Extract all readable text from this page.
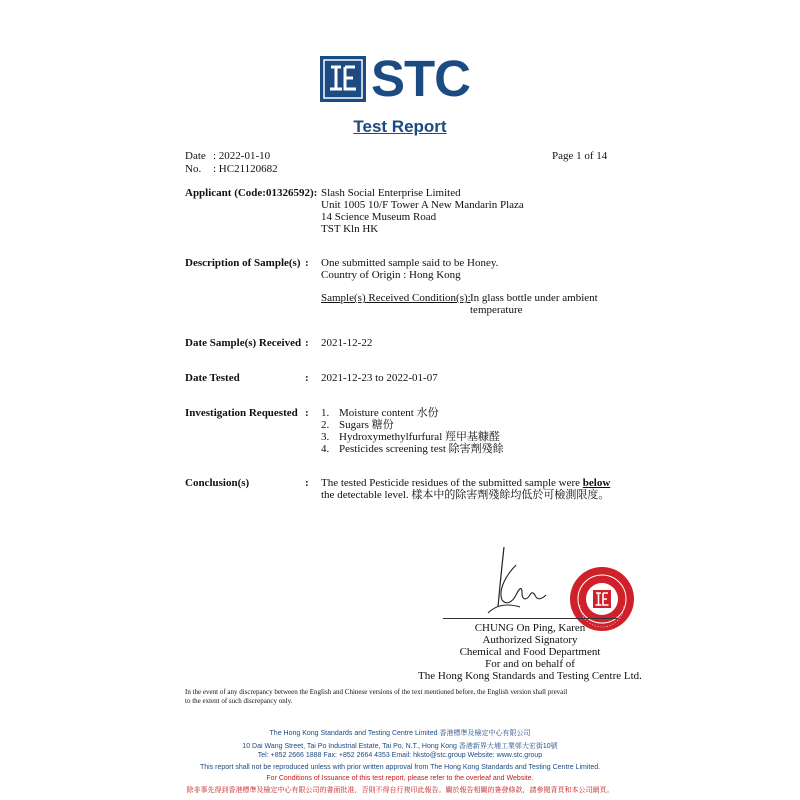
STC
Test Report
Date : 2022-01-10
No. : HC21120682
Page 1 of 14
Applicant (Code:01326592): Slash Social Enterprise Limited
Unit 1005 10/F Tower A New Mandarin Plaza
14 Science Museum Road
TST Kln HK
Description of Sample(s) : One submitted sample said to be Honey.
Country of Origin : Hong Kong
Sample(s) Received Condition(s): In glass bottle under ambient
temperature
Date Sample(s) Received : 2021-12-22
Date Tested	: 2021-12-23 to 2022-01-07
Investigation Requested : 1. Moisture content 水份
2. Sugars 糖份
3. Hydroxymethylfurfural 羥甲基糠醛
4. Pesticides screening test 除害劑殘餘
Conclusion(s)	: The tested Pesticide residues of the submitted sample were below
the detectable level. 樣本中的除害劑殘餘均低於可檢測限度。
CHUNG On Ping, Karen
Authorized Signatory
Chemical and Food Department
For and on behalf of
The Hong Kong Standards and Testing Centre Ltd.
In the event of any discrepancy between the English and Chinese versions of the text mentioned before, the English version shall prevail
to the extent of such discrepancy only.
The Hong Kong Standards and Testing Centre Limited 香港標準及檢定中心有限公司
10 Dai Wang Street, Tai Po Industrial Estate, Tai Po, N.T., Hong Kong 香港新界大埔工業邨大宏街10號
Tel: +852 2666 1888 Fax: +852 2664 4353 Email: hksto@stc.group Website: www.stc.group
This report shall not be reproduced unless with prior written approval from The Hong Kong Standards and Testing Centre Limited.
For Conditions of Issuance of this test report, please refer to the overleaf and Website.
除非事先得到香港標準及檢定中心有限公司的書面批准，否則不得自行複印此報告。關於報告相關的簽發條款，請參閱背頁和本公司網頁。
